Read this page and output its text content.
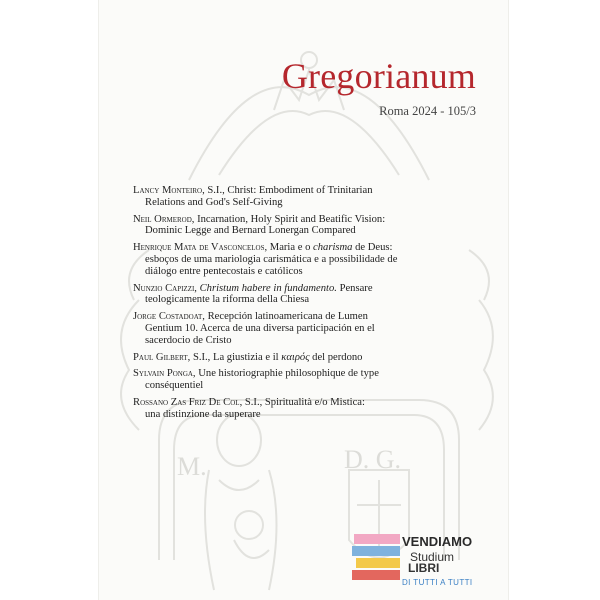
M.	D. G.
Gregorianum
Roma 2024 - 105/3
Lancy Monteiro, S.I., Christ: Embodiment of Trinitarian
Relations and God's Self-Giving
Neil Ormerod, Incarnation, Holy Spirit and Beatific Vision:
Dominic Legge and Bernard Lonergan Compared
Henrique Mata de Vasconcelos, Maria e o charisma de Deus:
esboços de uma mariologia carismática e a possibilidade de
diálogo entre pentecostais e católicos
Nunzio Capizzi, Christum habere in fundamento. Pensare
teologicamente la riforma della Chiesa
Jorge Costadoat, Recepción latinoamericana de Lumen
Gentium 10. Acerca de una diversa participación en el
sacerdocio de Cristo
Paul Gilbert, S.I., La giustizia e il καιρός del perdono
Sylvain Ponga, Une historiographie philosophique de type
conséquentiel
Rossano Zas Friz De Col, S.I., Spiritualità e/o Mistica:
una distinzione da superare
VENDIAMO
Studium
LIBRI
DI TUTTI A TUTTI
